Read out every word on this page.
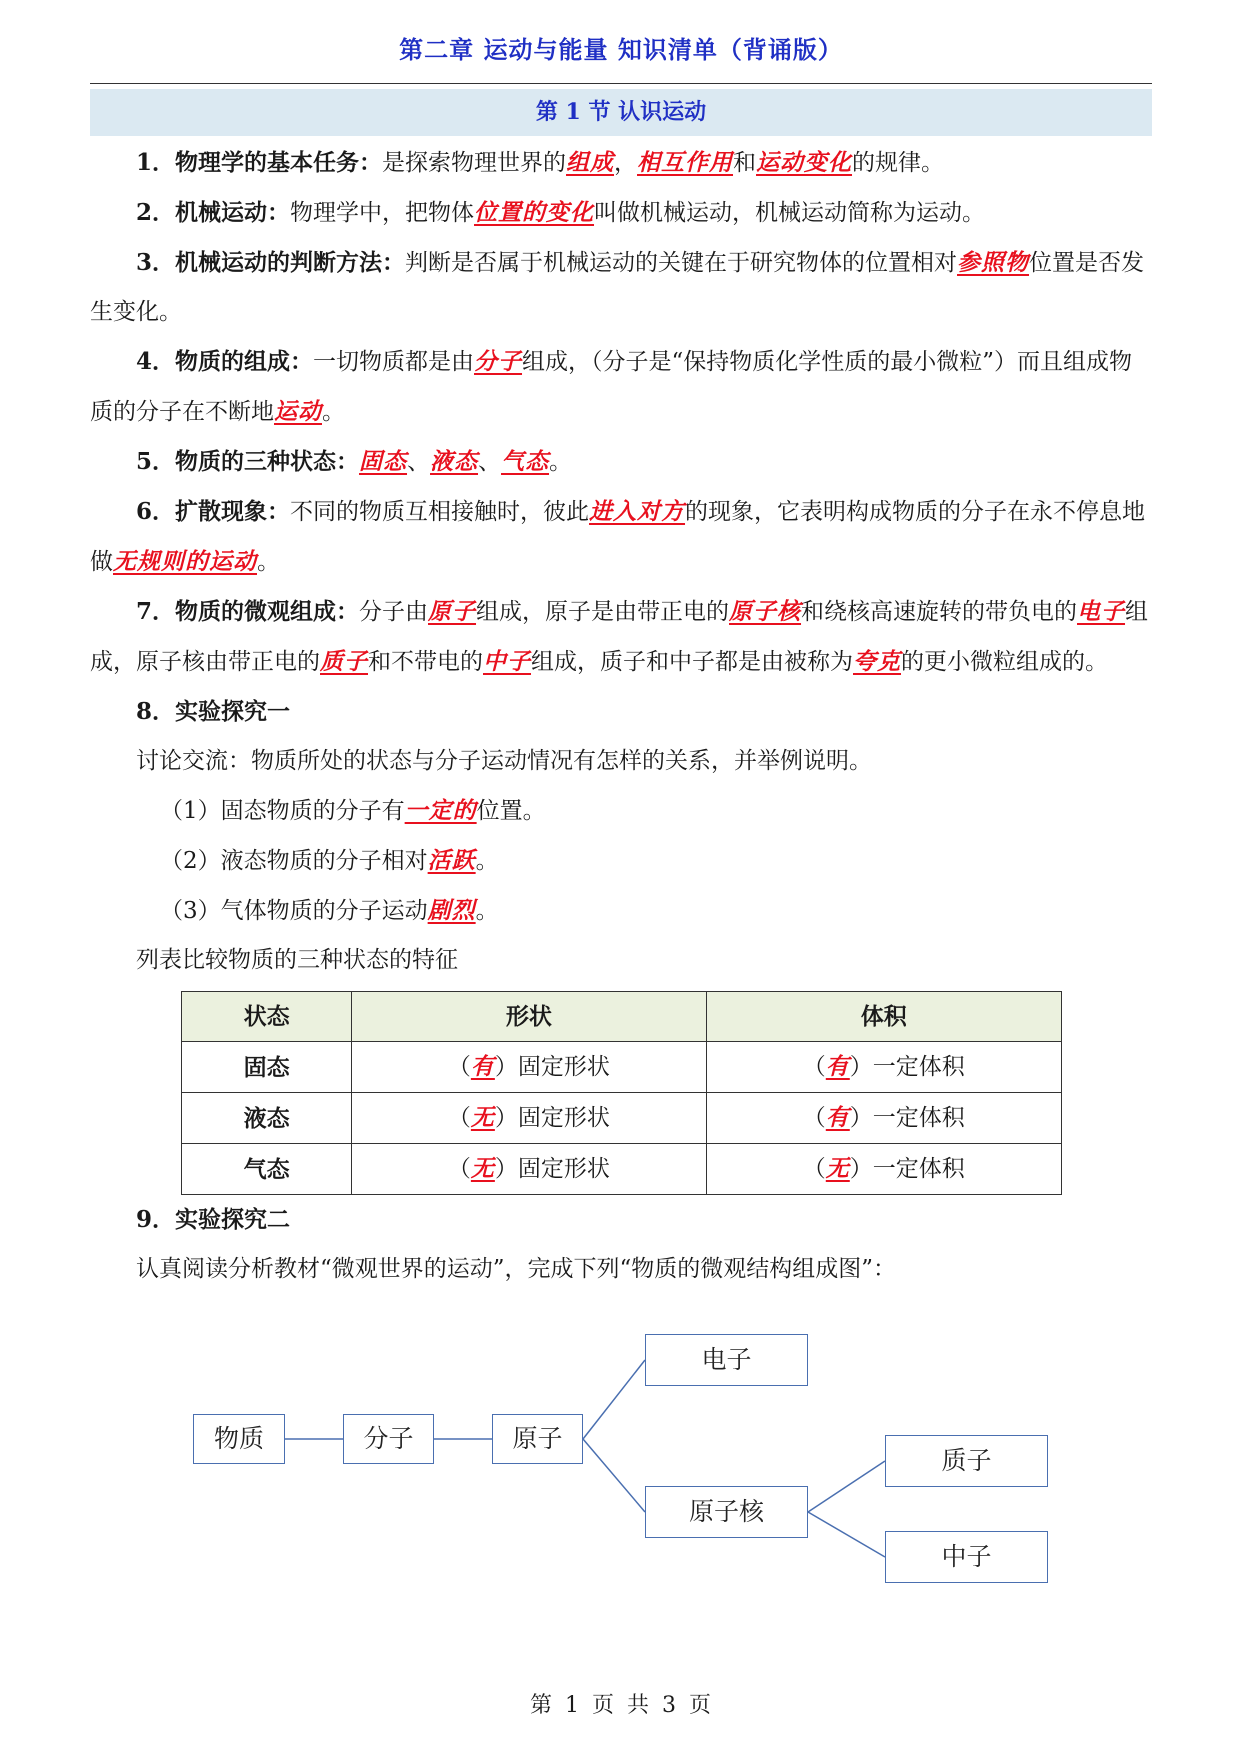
第二章 运动与能量 知识清单（背诵版）
第 1 节 认识运动

1．物理学的基本任务：是探索物理世界的组成，相互作用和运动变化的规律。

2．机械运动：物理学中，把物体位置的变化叫做机械运动，机械运动简称为运动。

3．机械运动的判断方法：判断是否属于机械运动的关键在于研究物体的位置相对参照物位置是否发生变化。

4．物质的组成：一切物质都是由分子组成，（分子是“保持物质化学性质的最小微粒”）而且组成物质的分子在不断地运动。

5．物质的三种状态：固态、液态、气态。

6．扩散现象：不同的物质互相接触时，彼此进入对方的现象，它表明构成物质的分子在永不停息地做无规则的运动。

7．物质的微观组成：分子由原子组成，原子是由带正电的原子核和绕核高速旋转的带负电的电子组成，原子核由带正电的质子和不带电的中子组成，质子和中子都是由被称为夸克的更小微粒组成的。

8．实验探究一

讨论交流：物质所处的状态与分子运动情况有怎样的关系，并举例说明。

（1）固态物质的分子有一定的位置。

（2）液态物质的分子相对活跃。

（3）气体物质的分子运动剧烈。

列表比较物质的三种状态的特征

状态	形状	体积
固态	（有）固定形状	（有）一定体积
液态	（无）固定形状	（有）一定体积
气态	（无）固定形状	（无）一定体积

9．实验探究二

认真阅读分析教材“微观世界的运动”，完成下列“物质的微观结构组成图”：

物质	分子	原子
电子
原子核
质子
中子
第 1 页 共 3 页
